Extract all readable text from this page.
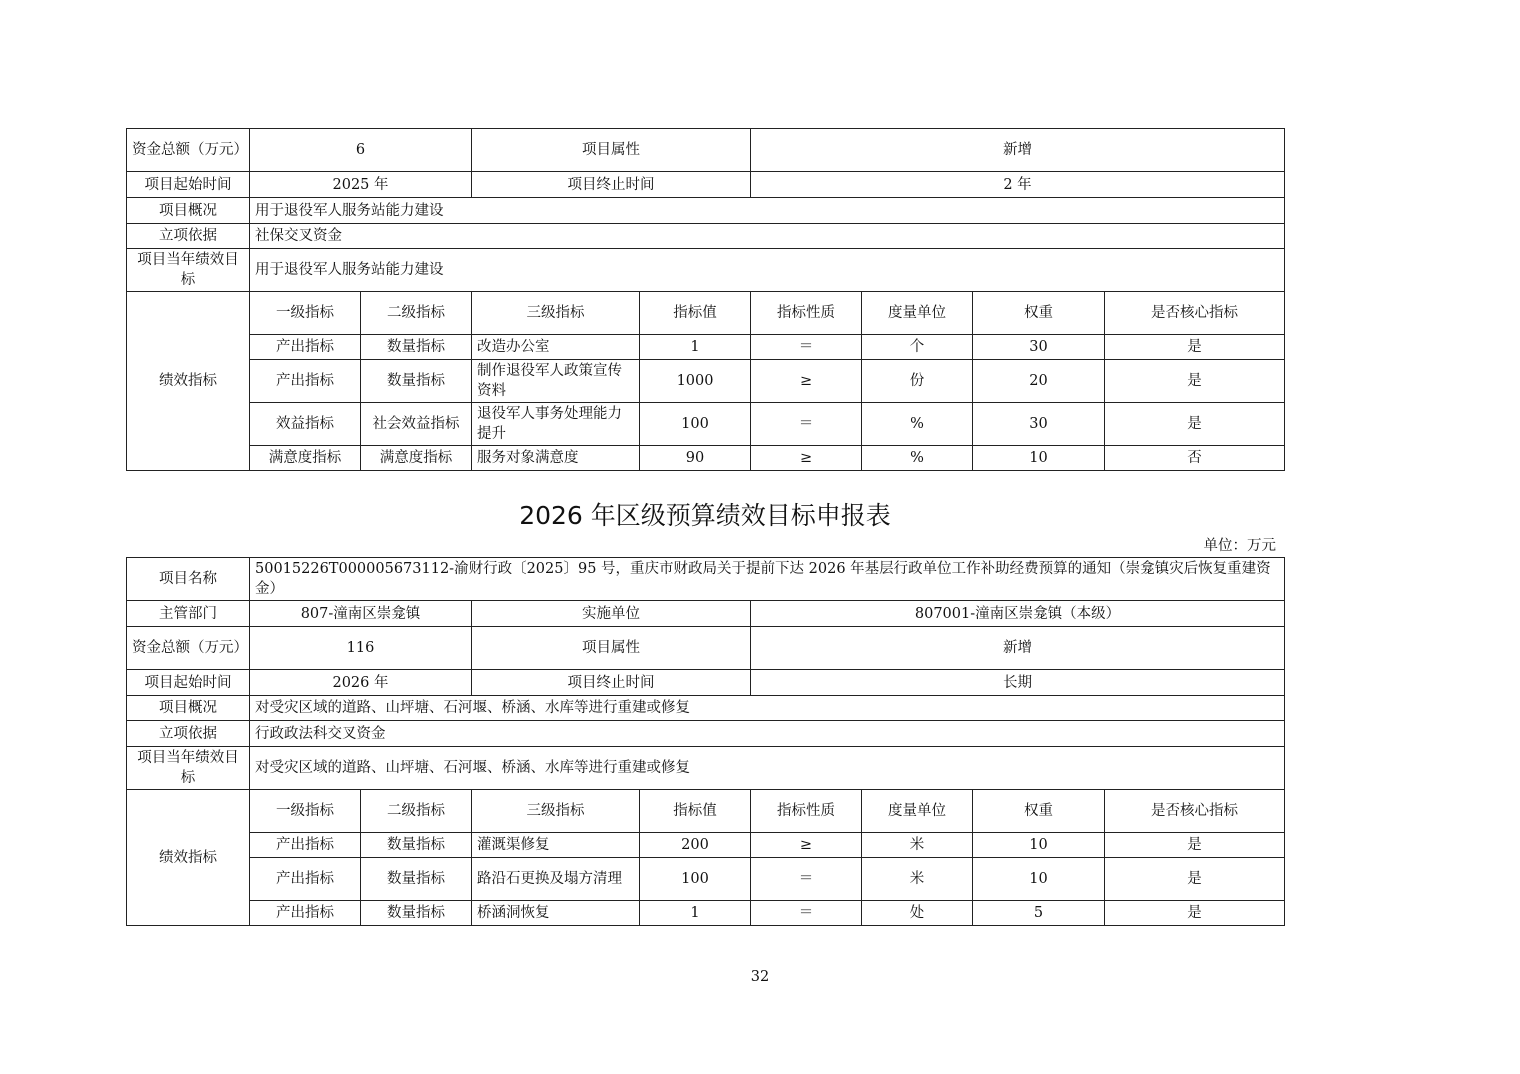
资金总额（万元）	6		项目属性		新增			
项目起始时间	2025 年		项目终止时间		2 年			
项目概况	用于退役军人服务站能力建设							
立项依据	社保交叉资金							
项目当年绩效目标	用于退役军人服务站能力建设							
绩效指标	一级指标	二级指标	三级指标	指标值	指标性质	度量单位	权重	是否核心指标
	产出指标	数量指标	改造办公室	1	＝	个	30	是
	产出指标	数量指标	制作退役军人政策宣传资料	1000	≥	份	20	是
	效益指标	社会效益指标	退役军人事务处理能力提升	100	＝	%	30	是
	满意度指标	满意度指标	服务对象满意度	90	≥	%	10	否
2026 年区级预算绩效目标申报表
单位：万元
项目名称	50015226T000005673112-渝财行政〔2025〕95 号，重庆市财政局关于提前下达 2026 年基层行政单位工作补助经费预算的通知（崇龛镇灾后恢复重建资金）							
主管部门	807-潼南区崇龛镇		实施单位		807001-潼南区崇龛镇（本级）			
资金总额（万元）	116		项目属性		新增			
项目起始时间	2026 年		项目终止时间		长期			
项目概况	对受灾区域的道路、山坪塘、石河堰、桥涵、水库等进行重建或修复							
立项依据	行政政法科交叉资金							
项目当年绩效目标	对受灾区域的道路、山坪塘、石河堰、桥涵、水库等进行重建或修复							
绩效指标	一级指标	二级指标	三级指标	指标值	指标性质	度量单位	权重	是否核心指标
	产出指标	数量指标	灌溉渠修复	200	≥	米	10	是
	产出指标	数量指标	路沿石更换及塌方清理	100	＝	米	10	是
	产出指标	数量指标	桥涵洞恢复	1	＝	处	5	是
32
